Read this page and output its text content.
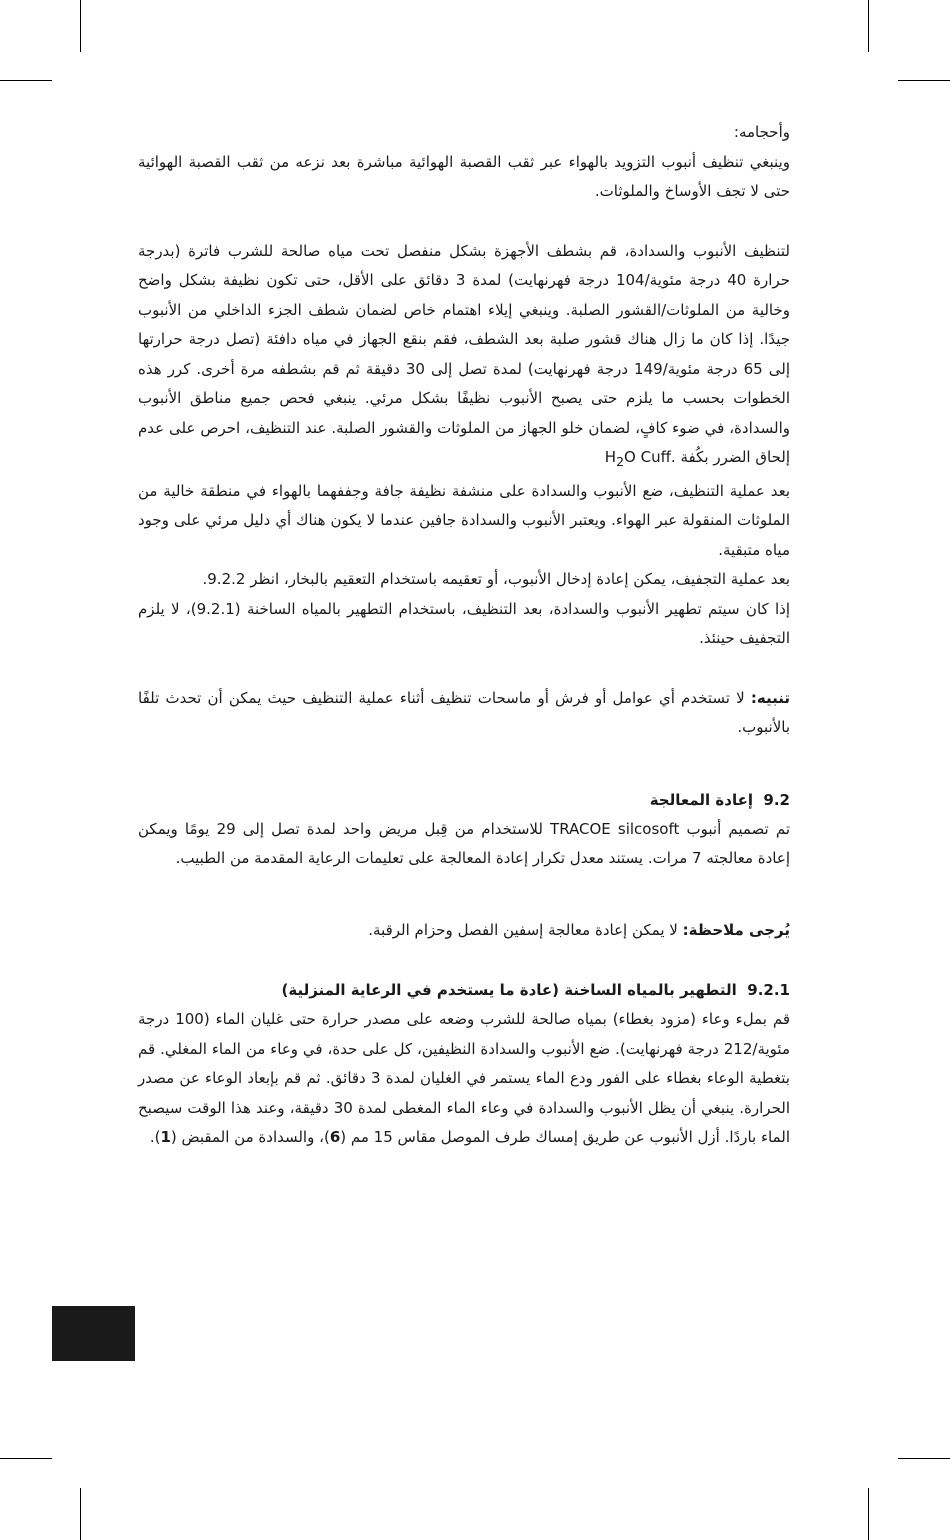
وأحجامه:

وينبغي تنظيف أنبوب التزويد بالهواء عبر ثقب القصبة الهوائية مباشرة بعد نزعه من ثقب القصبة الهوائية حتى لا تجف الأوساخ والملوثات.

لتنظيف الأنبوب والسدادة، قم بشطف الأجهزة بشكل منفصل تحت مياه صالحة للشرب فاترة (بدرجة حرارة 40 درجة مئوية/104 درجة فهرنهايت) لمدة 3 دقائق على الأقل، حتى تكون نظيفة بشكل واضح وخالية من الملوثات/القشور الصلبة. وينبغي إيلاء اهتمام خاص لضمان شطف الجزء الداخلي من الأنبوب جيدًا. إذا كان ما زال هناك قشور صلبة بعد الشطف، فقم بنقع الجهاز في مياه دافئة (تصل درجة حرارتها إلى 65 درجة مئوية/149 درجة فهرنهايت) لمدة تصل إلى 30 دقيقة ثم قم بشطفه مرة أخرى. كرر هذه الخطوات بحسب ما يلزم حتى يصبح الأنبوب نظيفًا بشكل مرئي. ينبغي فحص جميع مناطق الأنبوب والسدادة، في ضوء كافٍ، لضمان خلو الجهاز من الملوثات والقشور الصلبة. عند التنظيف، احرص على عدم إلحاق الضرر بكُفة $H_2O$ Cuff.

بعد عملية التنظيف، ضع الأنبوب والسدادة على منشفة نظيفة جافة وجففهما بالهواء في منطقة خالية من الملوثات المنقولة عبر الهواء. ويعتبر الأنبوب والسدادة جافين عندما لا يكون هناك أي دليل مرئي على وجود مياه متبقية.

بعد عملية التجفيف، يمكن إعادة إدخال الأنبوب، أو تعقيمه باستخدام التعقيم بالبخار، انظر 9.2.2.

إذا كان سيتم تطهير الأنبوب والسدادة، بعد التنظيف، باستخدام التطهير بالمياه الساخنة (9.2.1)، لا يلزم التجفيف حينئذ.

تنبيه: لا تستخدم أي عوامل أو فرش أو ماسحات تنظيف أثناء عملية التنظيف حيث يمكن أن تحدث تلفًا بالأنبوب.

9.2  إعادة المعالجة

تم تصميم أنبوب TRACOE silcosoft للاستخدام من قِبل مريض واحد لمدة تصل إلى 29 يومًا ويمكن إعادة معالجته 7 مرات. يستند معدل تكرار إعادة المعالجة على تعليمات الرعاية المقدمة من الطبيب.

يُرجى ملاحظة: لا يمكن إعادة معالجة إسفين الفصل وحزام الرقبة.

9.2.1  التطهير بالمياه الساخنة (عادة ما يستخدم في الرعاية المنزلية)

قم بملء وعاء (مزود بغطاء) بمياه صالحة للشرب وضعه على مصدر حرارة حتى غليان الماء (100 درجة مئوية/212 درجة فهرنهايت). ضع الأنبوب والسدادة النظيفين، كل على حدة، في وعاء من الماء المغلي. قم بتغطية الوعاء بغطاء على الفور ودع الماء يستمر في الغليان لمدة 3 دقائق. ثم قم بإبعاد الوعاء عن مصدر الحرارة. ينبغي أن يظل الأنبوب والسدادة في وعاء الماء المغطى لمدة 30 دقيقة، وعند هذا الوقت سيصبح الماء باردًا. أزل الأنبوب عن طريق إمساك طرف الموصل مقاس 15 مم (6)، والسدادة من المقبض (1).
